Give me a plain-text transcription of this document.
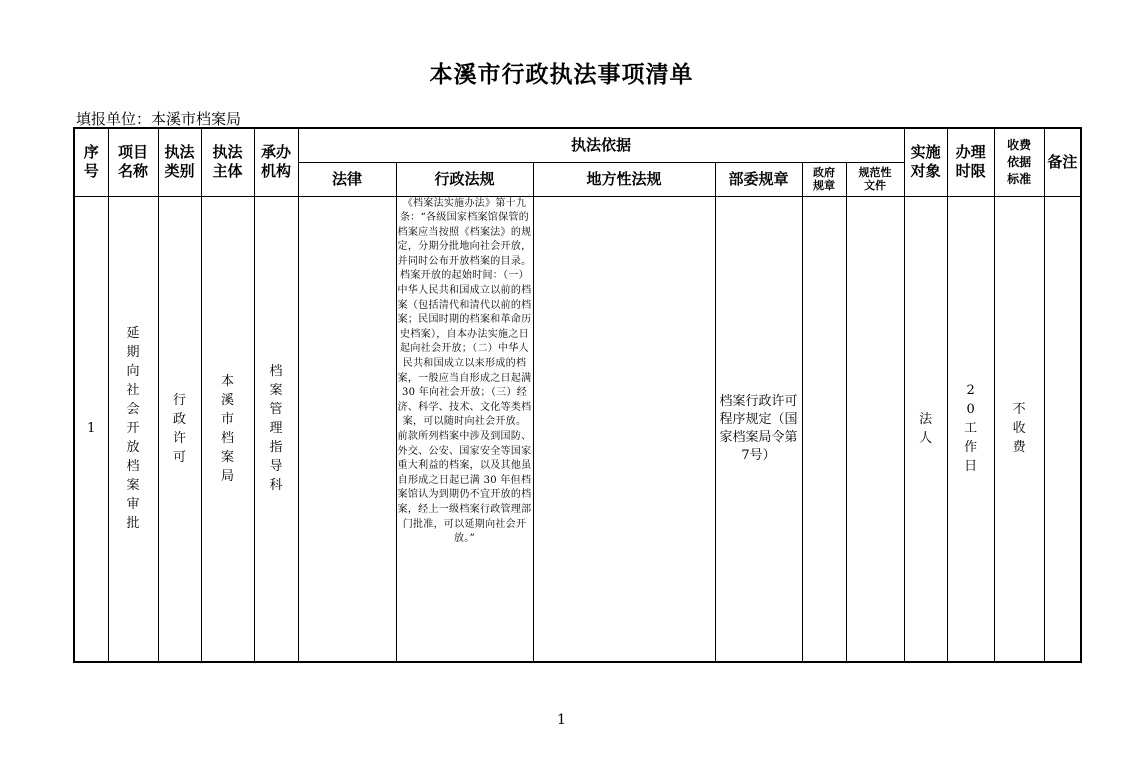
本溪市行政执法事项清单
填报单位：本溪市档案局
序号	项目名称	执法类别	执法主体	承办机构	执法依据						实施对象	办理时限	收费依据标准	备注

					法律	行政法规	地方性法规	部委规章	政府规章	规范性文件				

1	延期向社会开放档案审批	行政许可	本溪市档案局	档案管理指导科		《档案法实施办法》第十九条：“各级国家档案馆保管的档案应当按照《档案法》的规定，分期分批地向社会开放，并同时公布开放档案的目录。档案开放的起始时间：（一）中华人民共和国成立以前的档案（包括清代和清代以前的档案；民国时期的档案和革命历史档案），自本办法实施之日起向社会开放；（二）中华人民共和国成立以来形成的档案，一般应当自形成之日起满 30 年向社会开放；（三）经济、科学、技术、文化等类档案，可以随时向社会开放。 前款所列档案中涉及到国防、外交、公安、国家安全等国家重大利益的档案，以及其他虽自形成之日起已满 30 年但档案馆认为到期仍不宜开放的档案，经上一级档案行政管理部门批准，可以延期向社会开放。”		档案行政许可程序规定（国家档案局令第7号）			法人	20工作日	不收费	

1
